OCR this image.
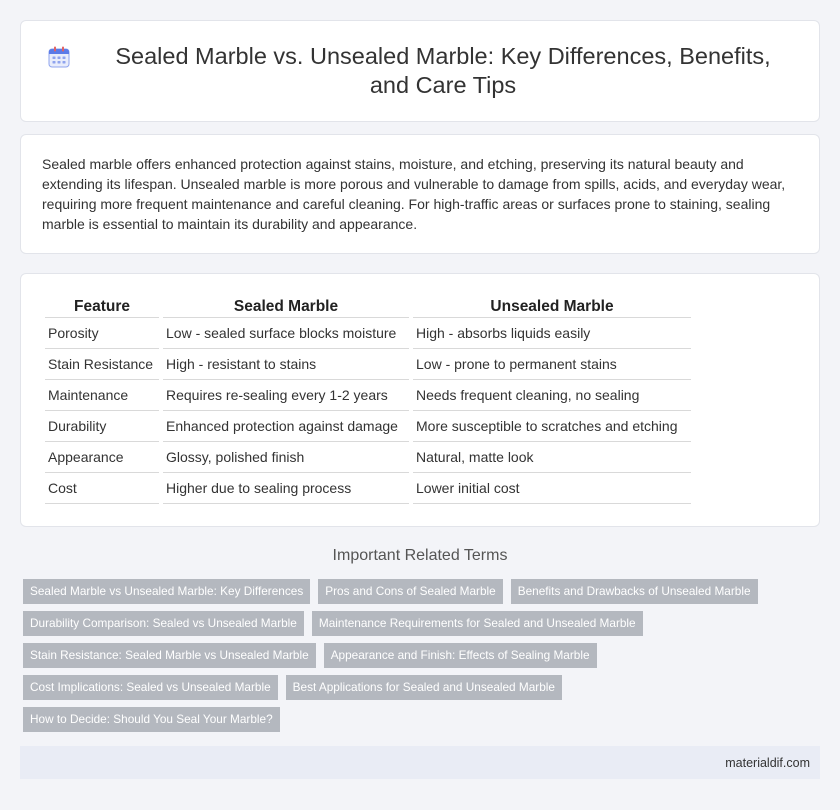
Sealed Marble vs. Unsealed Marble: Key Differences, Benefits, and Care Tips

Sealed marble offers enhanced protection against stains, moisture, and etching, preserving its natural beauty and extending its lifespan. Unsealed marble is more porous and vulnerable to damage from spills, acids, and everyday wear, requiring more frequent maintenance and careful cleaning. For high-traffic areas or surfaces prone to staining, sealing marble is essential to maintain its durability and appearance.

Feature	Sealed Marble	Unsealed Marble
Porosity	Low - sealed surface blocks moisture	High - absorbs liquids easily
Stain Resistance	High - resistant to stains	Low - prone to permanent stains
Maintenance	Requires re-sealing every 1-2 years	Needs frequent cleaning, no sealing
Durability	Enhanced protection against damage	More susceptible to scratches and etching
Appearance	Glossy, polished finish	Natural, matte look
Cost	Higher due to sealing process	Lower initial cost
Important Related Terms
Sealed Marble vs Unsealed Marble: Key Differences	Pros and Cons of Sealed Marble	Benefits and Drawbacks of Unsealed Marble
Durability Comparison: Sealed vs Unsealed Marble	Maintenance Requirements for Sealed and Unsealed Marble
Stain Resistance: Sealed Marble vs Unsealed Marble	Appearance and Finish: Effects of Sealing Marble
Cost Implications: Sealed vs Unsealed Marble	Best Applications for Sealed and Unsealed Marble
How to Decide: Should You Seal Your Marble?
materialdif.com
